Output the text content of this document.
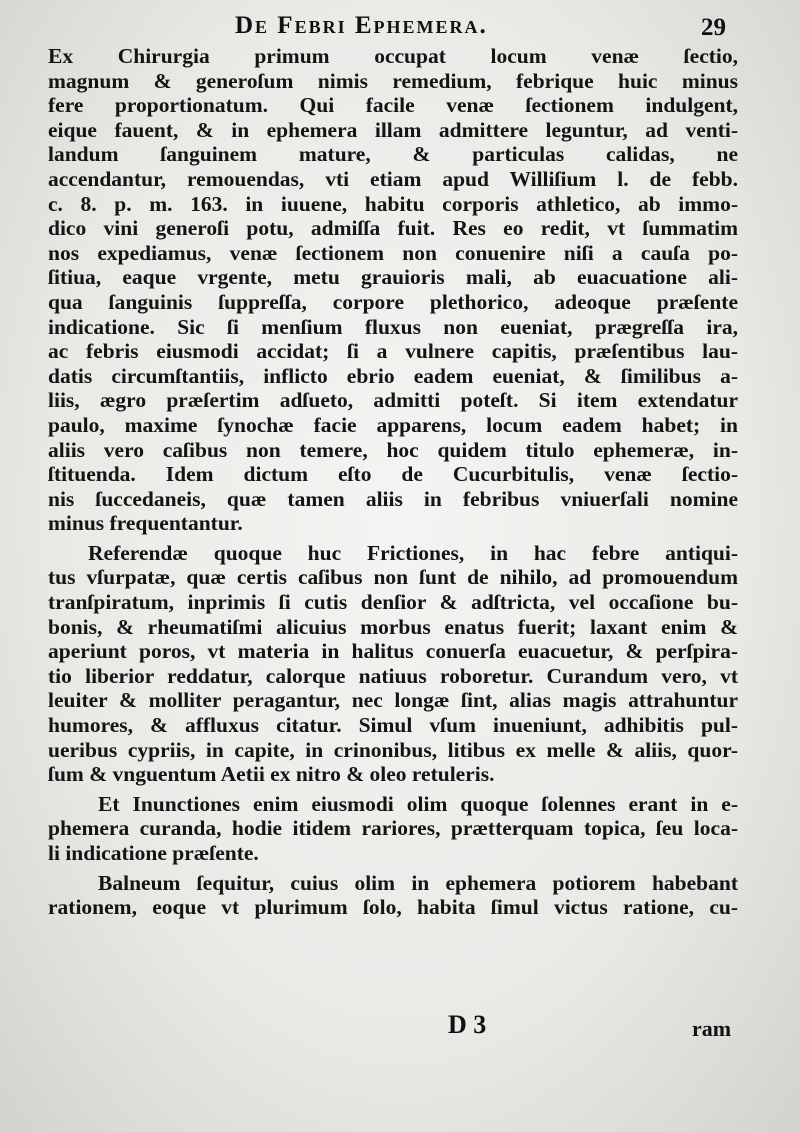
De Febri Ephemera.	29

Ex Chirurgia primum occupat locum venæ ſectio,

magnum & generoſum nimis remedium, febrique huic minus

fere proportionatum. Qui facile venæ ſectionem indulgent,

eique fauent, & in ephemera illam admittere leguntur, ad venti-

landum ſanguinem mature, & particulas calidas, ne

accendantur, remouendas, vti etiam apud Williſium l. de febb.

c. 8. p. m. 163. in iuuene, habitu corporis athletico, ab immo-

dico vini generoſi potu, admiſſa fuit. Res eo redit, vt ſummatim

nos expediamus, venæ ſectionem non conuenire niſi a cauſa po-

ſitiua, eaque vrgente, metu grauioris mali, ab euacuatione ali-

qua ſanguinis ſuppreſſa, corpore plethorico, adeoque præſente

indicatione. Sic ſi menſium fluxus non eueniat, prægreſſa ira,

ac febris eiusmodi accidat; ſi a vulnere capitis, præſentibus lau-

datis circumſtantiis, inflicto ebrio eadem eueniat, & ſimilibus a-

liis, ægro præſertim adſueto, admitti poteſt. Si item extendatur

paulo, maxime ſynochæ facie apparens, locum eadem habet; in

aliis vero caſibus non temere, hoc quidem titulo ephemeræ, in-

ſtituenda. Idem dictum eſto de Cucurbitulis, venæ ſectio-

nis ſuccedaneis, quæ tamen aliis in febribus vniuerſali nomine

minus frequentantur.

Referendæ quoque huc Frictiones, in hac febre antiqui-

tus vſurpatæ, quæ certis caſibus non ſunt de nihilo, ad promouendum

tranſpiratum, inprimis ſi cutis denſior & adſtricta, vel occaſione bu-

bonis, & rheumatiſmi alicuius morbus enatus fuerit; laxant enim &

aperiunt poros, vt materia in halitus conuerſa euacuetur, & perſpira-

tio liberior reddatur, calorque natiuus roboretur. Curandum vero, vt

leuiter & molliter peragantur, nec longæ ſint, alias magis attrahuntur

humores, & affluxus citatur. Simul vſum inueniunt, adhibitis pul-

ueribus cypriis, in capite, in crinonibus, litibus ex melle & aliis, quor-

ſum & vnguentum Aetii ex nitro & oleo retuleris.

Et Inunctiones enim eiusmodi olim quoque ſolennes erant in e-

phemera curanda, hodie itidem rariores, prætterquam topica, ſeu loca-

li indicatione præſente.

Balneum ſequitur, cuius olim in ephemera potiorem habebant

rationem, eoque vt plurimum ſolo, habita ſimul victus ratione, cu-

D 3	ram
